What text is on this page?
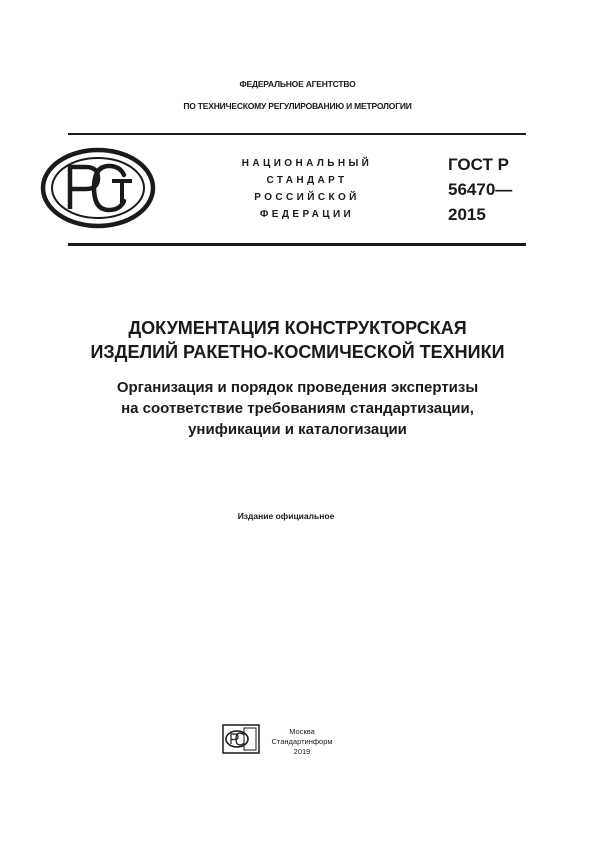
ФЕДЕРАЛЬНОЕ АГЕНТСТВО
ПО ТЕХНИЧЕСКОМУ РЕГУЛИРОВАНИЮ И МЕТРОЛОГИИ
НАЦИОНАЛЬНЫЙ
СТАНДАРТ
РОССИЙСКОЙ
ФЕДЕРАЦИИ
ГОСТ Р
56470—
2015
ДОКУМЕНТАЦИЯ КОНСТРУКТОРСКАЯ
ИЗДЕЛИЙ РАКЕТНО-КОСМИЧЕСКОЙ ТЕХНИКИ
Организация и порядок проведения экспертизы
на соответствие требованиям стандартизации,
унификации и каталогизации
Издание официальное
Москва
Стандартинформ
2019
